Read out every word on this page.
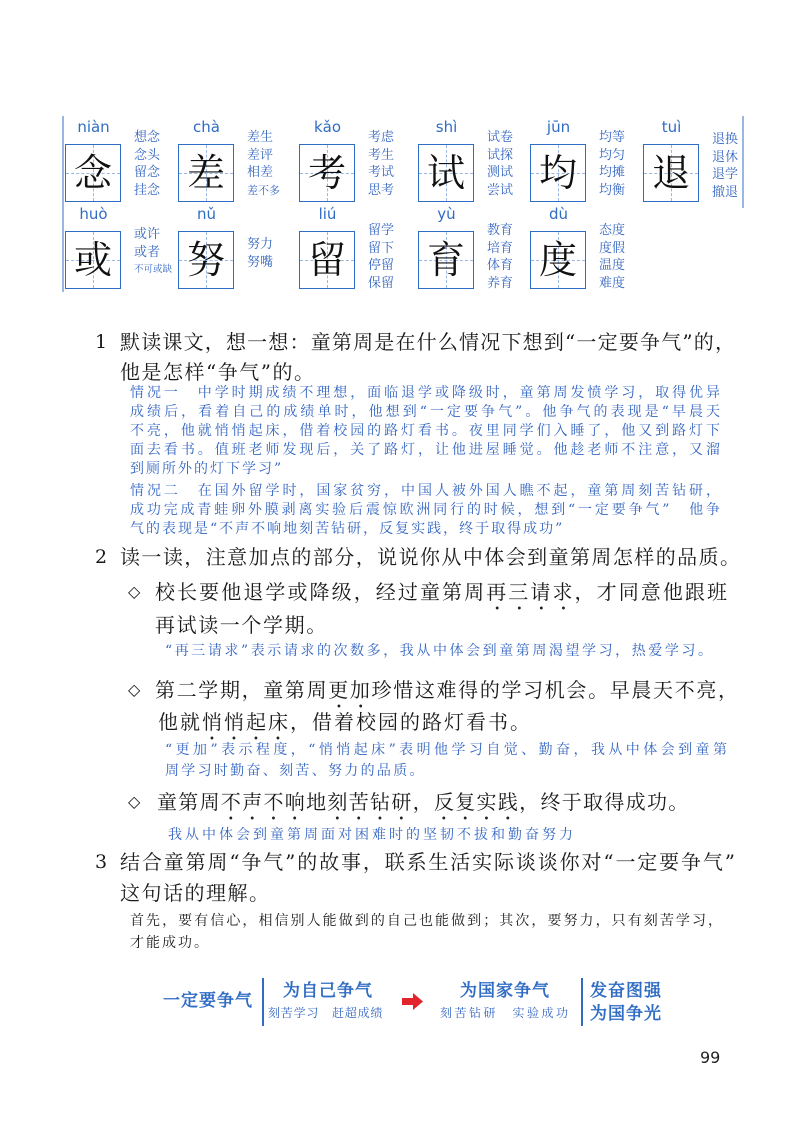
niàn
念
想念
念头
留念
挂念
chà
差
差生
差评
相差
差不多
kǎo
考
考虑
考生
考试
思考
shì
试
试卷
试探
测试
尝试
jūn
均
均等
均匀
均摊
均衡
tuì
退
退换
退休
退学
撤退
huò
或
或许
或者
不可或缺
nǔ
努	努力
努嘴
liú
留
留学
留下
停留
保留
yù
育
教育
培育
体育
养育
dù
度
态度
度假
温度
难度
1 默读课文，想一想：童第周是在什么情况下想到“一定要争气”的，
他是怎样“争气”的。
情况一　中学时期成绩不理想，面临退学或降级时，童第周发愤学习，取得优异
成绩后，看着自己的成绩单时，他想到“一定要争气”。他争气的表现是“早晨天
不亮，他就悄悄起床，借着校园的路灯看书。夜里同学们入睡了，他又到路灯下
面去看书。值班老师发现后，关了路灯，让他进屋睡觉。他趁老师不注意，又溜
到厕所外的灯下学习”
情况二　在国外留学时，国家贫穷，中国人被外国人瞧不起，童第周刻苦钻研，
成功完成青蛙卵外膜剥离实验后震惊欧洲同行的时候，想到“一定要争气”　他争
气的表现是“不声不响地刻苦钻研，反复实践，终于取得成功”
2 读一读，注意加点的部分，说说你从中体会到童第周怎样的品质。
◇ 校长要他退学或降级，经过童第周再三请求，才同意他跟班
再试读一个学期。
“再三请求”表示请求的次数多，我从中体会到童第周渴望学习，热爱学习。
◇ 第二学期，童第周更加珍惜这难得的学习机会。早晨天不亮，
他就悄悄起床，借着校园的路灯看书。
“更加”表示程度，“悄悄起床”表明他学习自觉、勤奋，我从中体会到童第
周学习时勤奋、刻苦、努力的品质。
◇ 童第周不声不响地刻苦钻研，反复实践，终于取得成功。
我从中体会到童第周面对困难时的坚韧不拔和勤奋努力
3 结合童第周“争气”的故事，联系生活实际谈谈你对“一定要争气”
这句话的理解。
首先，要有信心，相信别人能做到的自己也能做到；其次，要努力，只有刻苦学习，
才能成功。
一定要争气 为自己争气
刻苦学习　赶超成绩
为国家争气
刻苦钻研　实验成功
发奋图强
为国争光
99
